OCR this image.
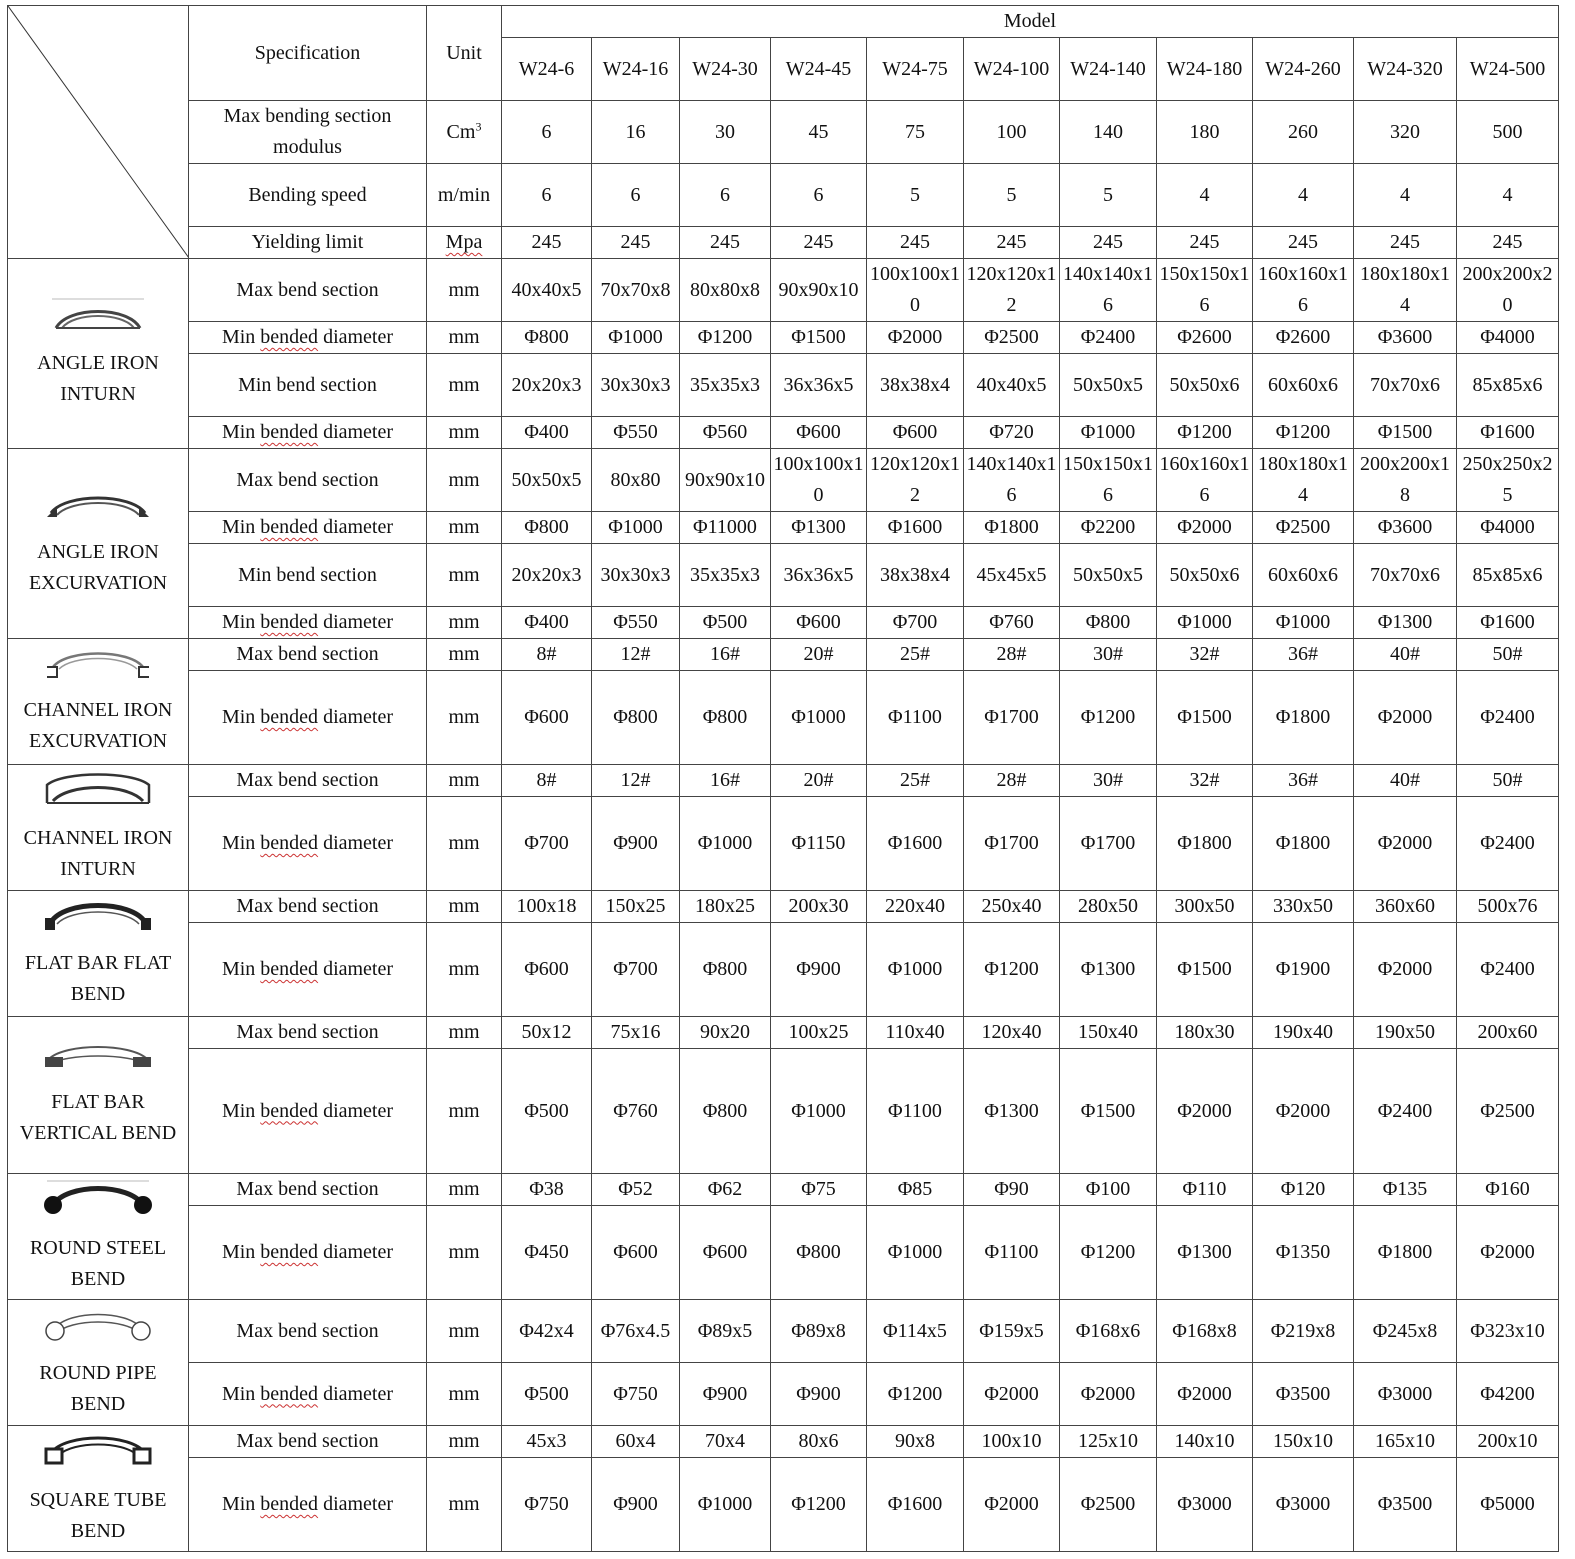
	Specification	Unit	Model										
			W24-6	W24-16	W24-30	W24-45	W24-75	W24-100	W24-140	W24-180	W24-260	W24-320	W24-500
	Max bending section modulus	Cm$^3$	6	16	30	45	75	100	140	180	260	320	500
	Bending speed	m/min	6	6	6	6	5	5	5	4	4	4	4
	Yielding limit	Mpa	245	245	245	245	245	245	245	245	245	245	245

ANGLE IRON INTURN	Max bend section	mm	40x40x5	70x70x8	80x80x8	90x90x10	100x100x10	120x120x12	140x140x16	150x150x16	160x160x16	180x180x14	200x200x20
	Min bended diameter	mm	Φ800	Φ1000	Φ1200	Φ1500	Φ2000	Φ2500	Φ2400	Φ2600	Φ2600	Φ3600	Φ4000
	Min bend section	mm	20x20x3	30x30x3	35x35x3	36x36x5	38x38x4	40x40x5	50x50x5	50x50x6	60x60x6	70x70x6	85x85x6
	Min bended diameter	mm	Φ400	Φ550	Φ560	Φ600	Φ600	Φ720	Φ1000	Φ1200	Φ1200	Φ1500	Φ1600

ANGLE IRON EXCURVATION	Max bend section	mm	50x50x5	80x80	90x90x10	100x100x10	120x120x12	140x140x16	150x150x16	160x160x16	180x180x14	200x200x18	250x250x25
	Min bended diameter	mm	Φ800	Φ1000	Φ11000	Φ1300	Φ1600	Φ1800	Φ2200	Φ2000	Φ2500	Φ3600	Φ4000
	Min bend section	mm	20x20x3	30x30x3	35x35x3	36x36x5	38x38x4	45x45x5	50x50x5	50x50x6	60x60x6	70x70x6	85x85x6
	Min bended diameter	mm	Φ400	Φ550	Φ500	Φ600	Φ700	Φ760	Φ800	Φ1000	Φ1000	Φ1300	Φ1600

CHANNEL IRON EXCURVATION	Max bend section	mm	8#	12#	16#	20#	25#	28#	30#	32#	36#	40#	50#
	Min bended diameter	mm	Φ600	Φ800	Φ800	Φ1000	Φ1100	Φ1700	Φ1200	Φ1500	Φ1800	Φ2000	Φ2400

CHANNEL IRON INTURN	Max bend section	mm	8#	12#	16#	20#	25#	28#	30#	32#	36#	40#	50#
	Min bended diameter	mm	Φ700	Φ900	Φ1000	Φ1150	Φ1600	Φ1700	Φ1700	Φ1800	Φ1800	Φ2000	Φ2400

FLAT BAR FLAT BEND	Max bend section	mm	100x18	150x25	180x25	200x30	220x40	250x40	280x50	300x50	330x50	360x60	500x76
	Min bended diameter	mm	Φ600	Φ700	Φ800	Φ900	Φ1000	Φ1200	Φ1300	Φ1500	Φ1900	Φ2000	Φ2400

FLAT BAR VERTICAL BEND	Max bend section	mm	50x12	75x16	90x20	100x25	110x40	120x40	150x40	180x30	190x40	190x50	200x60
	Min bended diameter	mm	Φ500	Φ760	Φ800	Φ1000	Φ1100	Φ1300	Φ1500	Φ2000	Φ2000	Φ2400	Φ2500

ROUND STEEL BEND	Max bend section	mm	Φ38	Φ52	Φ62	Φ75	Φ85	Φ90	Φ100	Φ110	Φ120	Φ135	Φ160
	Min bended diameter	mm	Φ450	Φ600	Φ600	Φ800	Φ1000	Φ1100	Φ1200	Φ1300	Φ1350	Φ1800	Φ2000

ROUND PIPE BEND	Max bend section	mm	Φ42x4	Φ76x4.5	Φ89x5	Φ89x8	Φ114x5	Φ159x5	Φ168x6	Φ168x8	Φ219x8	Φ245x8	Φ323x10
	Min bended diameter	mm	Φ500	Φ750	Φ900	Φ900	Φ1200	Φ2000	Φ2000	Φ2000	Φ3500	Φ3000	Φ4200

SQUARE TUBE BEND	Max bend section	mm	45x3	60x4	70x4	80x6	90x8	100x10	125x10	140x10	150x10	165x10	200x10
	Min bended diameter	mm	Φ750	Φ900	Φ1000	Φ1200	Φ1600	Φ2000	Φ2500	Φ3000	Φ3000	Φ3500	Φ5000
